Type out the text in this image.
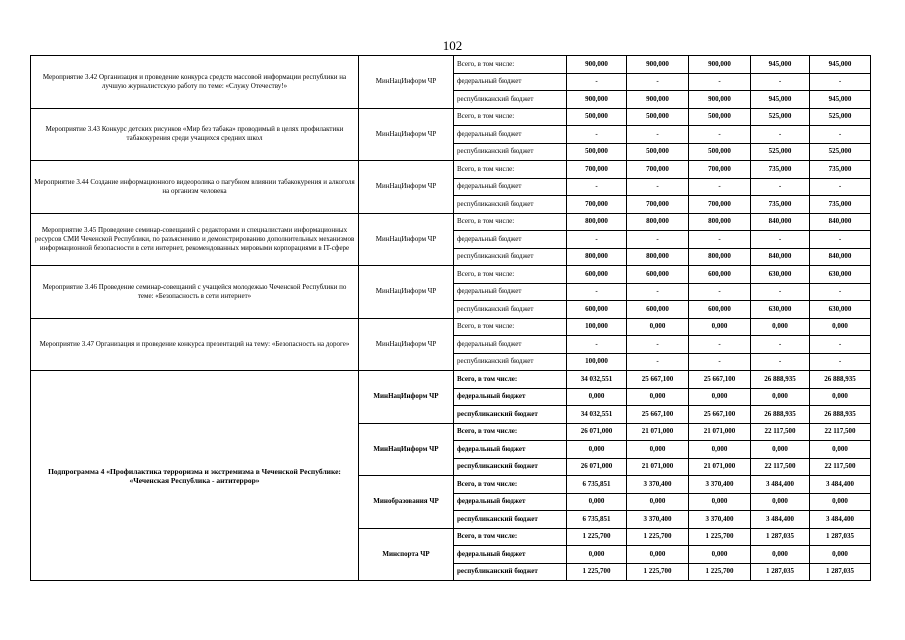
102
Мероприятие 3.42 Организация и проведение конкурса средств массовой информации республики на лучшую журналистскую работу по теме: «Служу Отечеству!»	МинНацИнформ ЧР	Всего, в том числе:	900,000	900,000	900,000	945,000	945,000
		федеральный бюджет	-	-	-	-	-
		республиканский бюджет	900,000	900,000	900,000	945,000	945,000
Мероприятие 3.43 Конкурс детских рисунков «Мир без табака» проводимый в целях профилактики табакокурения среди учащихся средних школ	МинНацИнформ ЧР	Всего, в том числе:	500,000	500,000	500,000	525,000	525,000
		федеральный бюджет	-	-	-	-	-
		республиканский бюджет	500,000	500,000	500,000	525,000	525,000
Мероприятие 3.44 Создание информационного видеоролика о пагубном влиянии табакокурения и алкоголя на организм человека	МинНацИнформ ЧР	Всего, в том числе:	700,000	700,000	700,000	735,000	735,000
		федеральный бюджет	-	-	-	-	-
		республиканский бюджет	700,000	700,000	700,000	735,000	735,000
Мероприятие 3.45 Проведение семинар-совещаний с редакторами и специалистами информационных ресурсов СМИ Чеченской Республики, по разъяснению и демонстрированию дополнительных механизмов информационной безопасности в сети интернет, рекомендованных мировыми корпорациями в IT-сфере	МинНацИнформ ЧР	Всего, в том числе:	800,000	800,000	800,000	840,000	840,000
		федеральный бюджет	-	-	-	-	-
		республиканский бюджет	800,000	800,000	800,000	840,000	840,000
Мероприятие 3.46 Проведение семинар-совещаний с учащейся молодежью Чеченской Республики по теме: «Безопасность в сети интернет»	МинНацИнформ ЧР	Всего, в том числе:	600,000	600,000	600,000	630,000	630,000
		федеральный бюджет	-	-	-	-	-
		республиканский бюджет	600,000	600,000	600,000	630,000	630,000
Мероприятие 3.47 Организация и проведение конкурса презентаций на тему: «Безопасность на дороге»	МинНацИнформ ЧР	Всего, в том числе:	100,000	0,000	0,000	0,000	0,000
		федеральный бюджет	-	-	-	-	-
		республиканский бюджет	100,000	-	-	-	-
Подпрограмма 4 «Профилактика терроризма и экстремизма в Чеченской Республике: «Чеченская Республика - антитеррор»	МинНацИнформ ЧР	Всего, в том числе:	34 032,551	25 667,100	25 667,100	26 888,935	26 888,935
		федеральный бюджет	0,000	0,000	0,000	0,000	0,000
		республиканский бюджет	34 032,551	25 667,100	25 667,100	26 888,935	26 888,935
	МинНацИнформ ЧР	Всего, в том числе:	26 071,000	21 071,000	21 071,000	22 117,500	22 117,500
		федеральный бюджет	0,000	0,000	0,000	0,000	0,000
		республиканский бюджет	26 071,000	21 071,000	21 071,000	22 117,500	22 117,500
	Минобразования ЧР	Всего, в том числе:	6 735,851	3 370,400	3 370,400	3 484,400	3 484,400
		федеральный бюджет	0,000	0,000	0,000	0,000	0,000
		республиканский бюджет	6 735,851	3 370,400	3 370,400	3 484,400	3 484,400
	Минспорта ЧР	Всего, в том числе:	1 225,700	1 225,700	1 225,700	1 287,035	1 287,035
		федеральный бюджет	0,000	0,000	0,000	0,000	0,000
		республиканский бюджет	1 225,700	1 225,700	1 225,700	1 287,035	1 287,035
